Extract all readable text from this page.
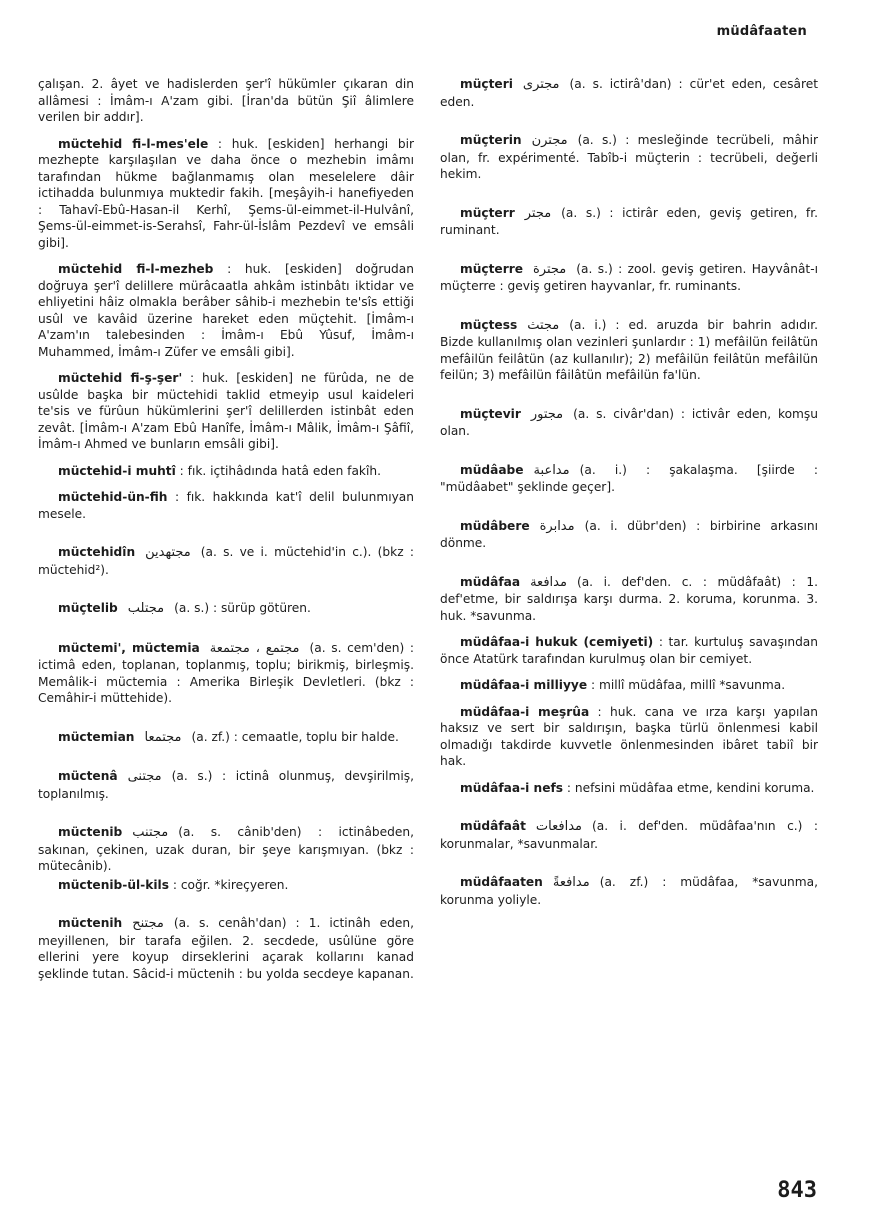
müdâfaaten
çalışan. 2. âyet ve hadislerden şer'î hükümler çıkaran din allâmesi : İmâm-ı A'zam gibi. [İran'da bütün Şiî âlimlere verilen bir addır].
müctehid fi-l-mes'ele : huk. [eskiden] herhangi bir mezhepte karşılaşılan ve daha önce o mezhebin imâmı tarafından hükme bağlanmamış olan meselelere dâir ictihadda bulunmıya muktedir fakih. [meşâyih-i hanefiyeden : Tahavî-Ebû-Hasan-il Kerhî, Şems-ül-eimmet-il-Hulvânî, Şems-ül-eimmet-is-Serahsî, Fahr-ül-İslâm Pezdevî ve emsâli gibi].
müctehid fi-l-mezheb : huk. [eskiden] doğrudan doğruya şer'î delillere mürâcaatla ahkâm istinbâtı iktidar ve ehliyetini hâiz olmakla berâber sâhib-i mezhebin te'sîs ettiği usûl ve kavâid üzerine hareket eden müçtehit. [İmâm-ı A'zam'ın talebesinden : İmâm-ı Ebû Yûsuf, İmâm-ı Muhammed, İmâm-ı Züfer ve emsâli gibi].
müctehid fi-ş-şer' : huk. [eskiden] ne fürûda, ne de usûlde başka bir müctehidi taklid etmeyip usul kaideleri te'sis ve fürûun hükümlerini şer'î delillerden istinbât eden zevât. [İmâm-ı A'zam Ebû Hanîfe, İmâm-ı Mâlik, İmâm-ı Şâfiî, İmâm-ı Ahmed ve bunların emsâli gibi].
müctehid-i muhtî : fık. içtihâdında hatâ eden fakîh.
müctehid-ün-fih : fık. hakkında kat'î delil bulunmıyan mesele.
müctehidîn مجتهدين (a. s. ve i. müctehid'in c.). (bkz : müctehid²).
müçtelib مجتلب (a. s.) : sürüp götüren.
müctemi', müctemia مجتمع ، مجتمعة (a. s. cem'den) : ictimâ eden, toplanan, toplanmış, toplu; birikmiş, birleşmiş. Memâlik-i müctemia : Amerika Birleşik Devletleri. (bkz : Cemâhir-i müttehide).
müctemian مجتمعا (a. zf.) : cemaatle, toplu bir halde.
müctenâ مجتنى (a. s.) : ictinâ olunmuş, devşirilmiş, toplanılmış.
müctenib مجتنب (a. s. cânib'den) : ictinâbeden, sakınan, çekinen, uzak duran, bir şeye karışmıyan. (bkz : mütecânib).
müctenib-ül-kils : coğr. *kireçyeren.
müctenih مجتنح (a. s. cenâh'dan) : 1. ictinâh eden, meyillenen, bir tarafa eğilen. 2. secdede, usûlüne göre ellerini yere koyup dirseklerini açarak kollarını kanad şeklinde tutan. Sâcid-i müctenih : bu yolda secdeye kapanan.
müçteri مجترى (a. s. ictirâ'dan) : cür'et eden, cesâret eden.
müçterin مجترن (a. s.) : mesleğinde tecrübeli, mâhir olan, fr. expérimenté. Tabîb-i müçterin : tecrübeli, değerli hekim.
müçterr مجتر (a. s.) : ictirâr eden, geviş getiren, fr. ruminant.
müçterre مجترة (a. s.) : zool. geviş getiren. Hayvânât-ı müçterre : geviş getiren hayvanlar, fr. ruminants.
müçtess مجتث (a. i.) : ed. aruzda bir bahrin adıdır. Bizde kullanılmış olan vezinleri şunlardır : 1) mefâilün feilâtün mefâilün feilâtün (az kullanılır); 2) mefâilün feilâtün mefâilün feilün; 3) mefâilün fâilâtün mefâilün fa'lün.
müçtevir مجتور (a. s. civâr'dan) : ictivâr eden, komşu olan.
müdâabe مداعبة (a. i.) : şakalaşma. [şiirde : "müdâabet" şeklinde geçer].
müdâbere مدابرة (a. i. dübr'den) : birbirine arkasını dönme.
müdâfaa مدافعة (a. i. def'den. c. : müdâfaât) : 1. def'etme, bir saldırışa karşı durma. 2. koruma, korunma. 3. huk. *savunma.
müdâfaa-i hukuk (cemiyeti) : tar. kurtuluş savaşından önce Atatürk tarafından kurulmuş olan bir cemiyet.
müdâfaa-i milliyye : millî müdâfaa, millî *savunma.
müdâfaa-i meşrûa : huk. cana ve ırza karşı yapılan haksız ve sert bir saldırışın, başka türlü önlenmesi kabil olmadığı takdirde kuvvetle önlenmesinden ibâret tabiî bir hak.
müdâfaa-i nefs : nefsini müdâfaa etme, kendini koruma.
müdâfaât مدافعات (a. i. def'den. müdâfaa'nın c.) : korunmalar, *savunmalar.
müdâfaaten مدافعةً (a. zf.) : müdâfaa, *savunma, korunma yoliyle.
843
